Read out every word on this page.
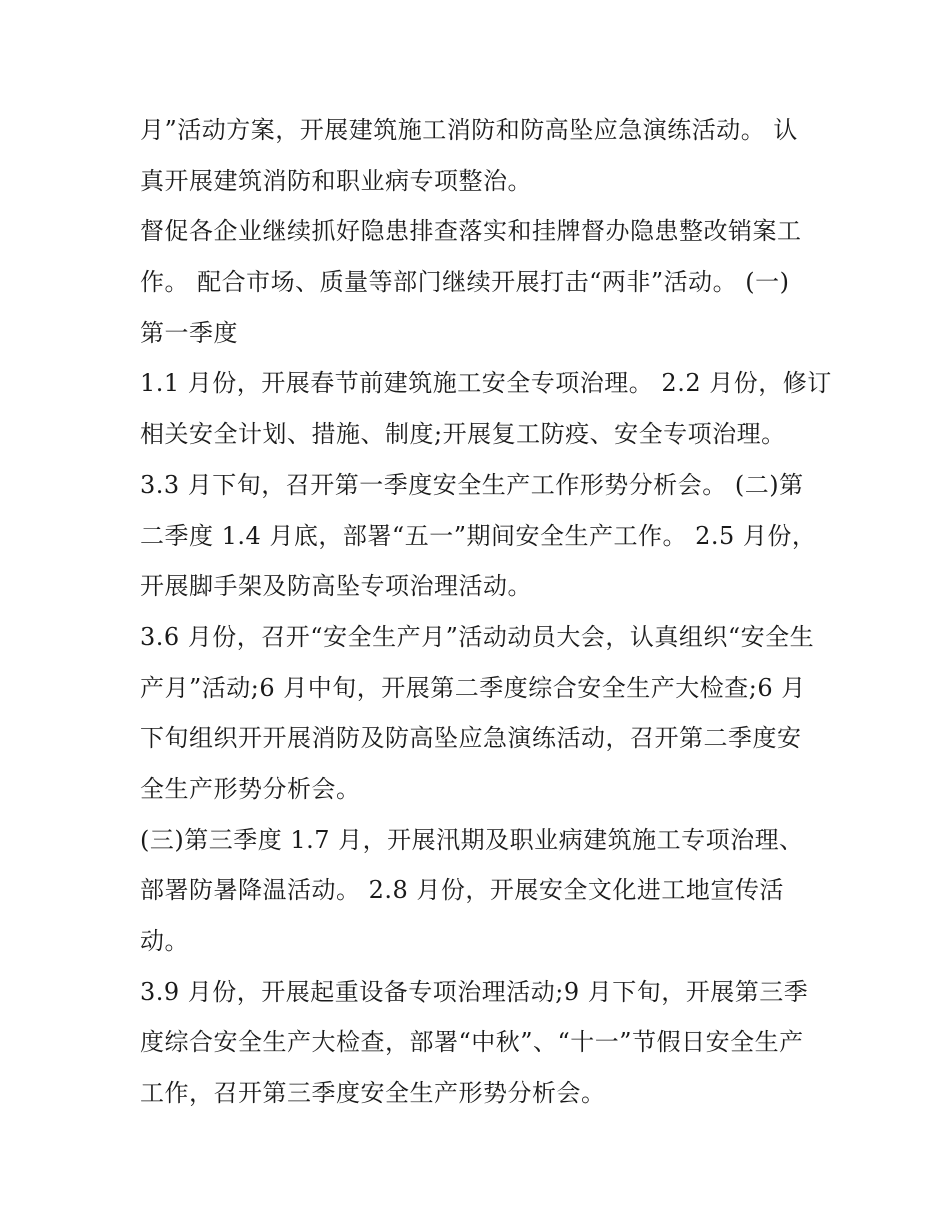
月”活动方案，开展建筑施工消防和防高坠应急演练活动。 认
真开展建筑消防和职业病专项整治。
督促各企业继续抓好隐患排查落实和挂牌督办隐患整改销案工
作。 配合市场、质量等部门继续开展打击“两非”活动。 (一)
第一季度
1.1 月份，开展春节前建筑施工安全专项治理。 2.2 月份，修订
相关安全计划、措施、制度;开展复工防疫、安全专项治理。
3.3 月下旬，召开第一季度安全生产工作形势分析会。 (二)第
二季度 1.4 月底，部署“五一”期间安全生产工作。 2.5 月份，
开展脚手架及防高坠专项治理活动。
3.6 月份，召开“安全生产月”活动动员大会，认真组织“安全生
产月”活动;6 月中旬，开展第二季度综合安全生产大检查;6 月
下旬组织开开展消防及防高坠应急演练活动，召开第二季度安
全生产形势分析会。
(三)第三季度 1.7 月，开展汛期及职业病建筑施工专项治理、
部署防暑降温活动。 2.8 月份，开展安全文化进工地宣传活
动。
3.9 月份，开展起重设备专项治理活动;9 月下旬，开展第三季
度综合安全生产大检查，部署“中秋”、“十一”节假日安全生产
工作，召开第三季度安全生产形势分析会。
